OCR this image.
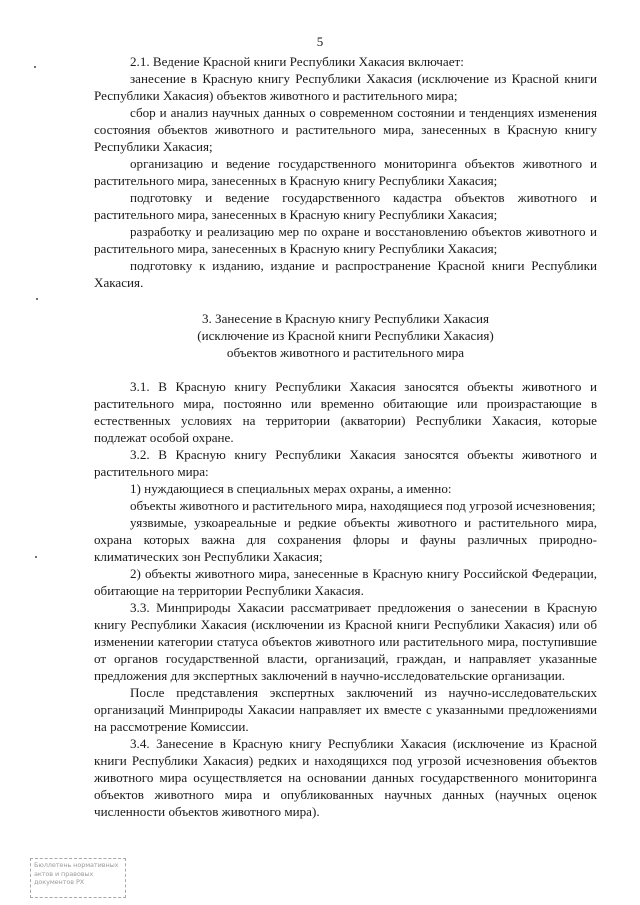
5

2.1. Ведение Красной книги Республики Хакасия включает:

занесение в Красную книгу Республики Хакасия (исключение из Красной книги Республики Хакасия) объектов животного и растительного мира;

сбор и анализ научных данных о современном состоянии и тенденциях изменения состояния объектов животного и растительного мира, занесенных в Красную книгу Республики Хакасия;

организацию и ведение государственного мониторинга объектов животного и растительного мира, занесенных в Красную книгу Республики Хакасия;

подготовку и ведение государственного кадастра объектов животного и растительного мира, занесенных в Красную книгу Республики Хакасия;

разработку и реализацию мер по охране и восстановлению объектов животного и растительного мира, занесенных в Красную книгу Республики Хакасия;

подготовку к изданию, издание и распространение Красной книги Республики Хакасия.

3. Занесение в Красную книгу Республики Хакасия
(исключение из Красной книги Республики Хакасия)
объектов животного и растительного мира

3.1. В Красную книгу Республики Хакасия заносятся объекты животного и растительного мира, постоянно или временно обитающие или произрастающие в естественных условиях на территории (акватории) Республики Хакасия, которые подлежат особой охране.

3.2. В Красную книгу Республики Хакасия заносятся объекты животного и растительного мира:

1) нуждающиеся в специальных мерах охраны, а именно:

объекты животного и растительного мира, находящиеся под угрозой исчезновения;

уязвимые, узкоареальные и редкие объекты животного и растительного мира, охрана которых важна для сохранения флоры и фауны различных природно-климатических зон Республики Хакасия;

2) объекты животного мира, занесенные в Красную книгу Российской Федерации, обитающие на территории Республики Хакасия.

3.3. Минприроды Хакасии рассматривает предложения о занесении в Красную книгу Республики Хакасия (исключении из Красной книги Республики Хакасия) или об изменении категории статуса объектов животного или растительного мира, поступившие от органов государственной власти, организаций, граждан, и направляет указанные предложения для экспертных заключений в научно-исследовательские организации.

После представления экспертных заключений из научно-исследовательских организаций Минприроды Хакасии направляет их вместе с указанными предложениями на рассмотрение Комиссии.

3.4. Занесение в Красную книгу Республики Хакасия (исключение из Красной книги Республики Хакасия) редких и находящихся под угрозой исчезновения объектов животного мира осуществляется на основании данных государственного мониторинга объектов животного мира и опубликованных научных данных (научных оценок численности объектов животного мира).

Бюллетень нормативных
актов и правовых
документов РХ
